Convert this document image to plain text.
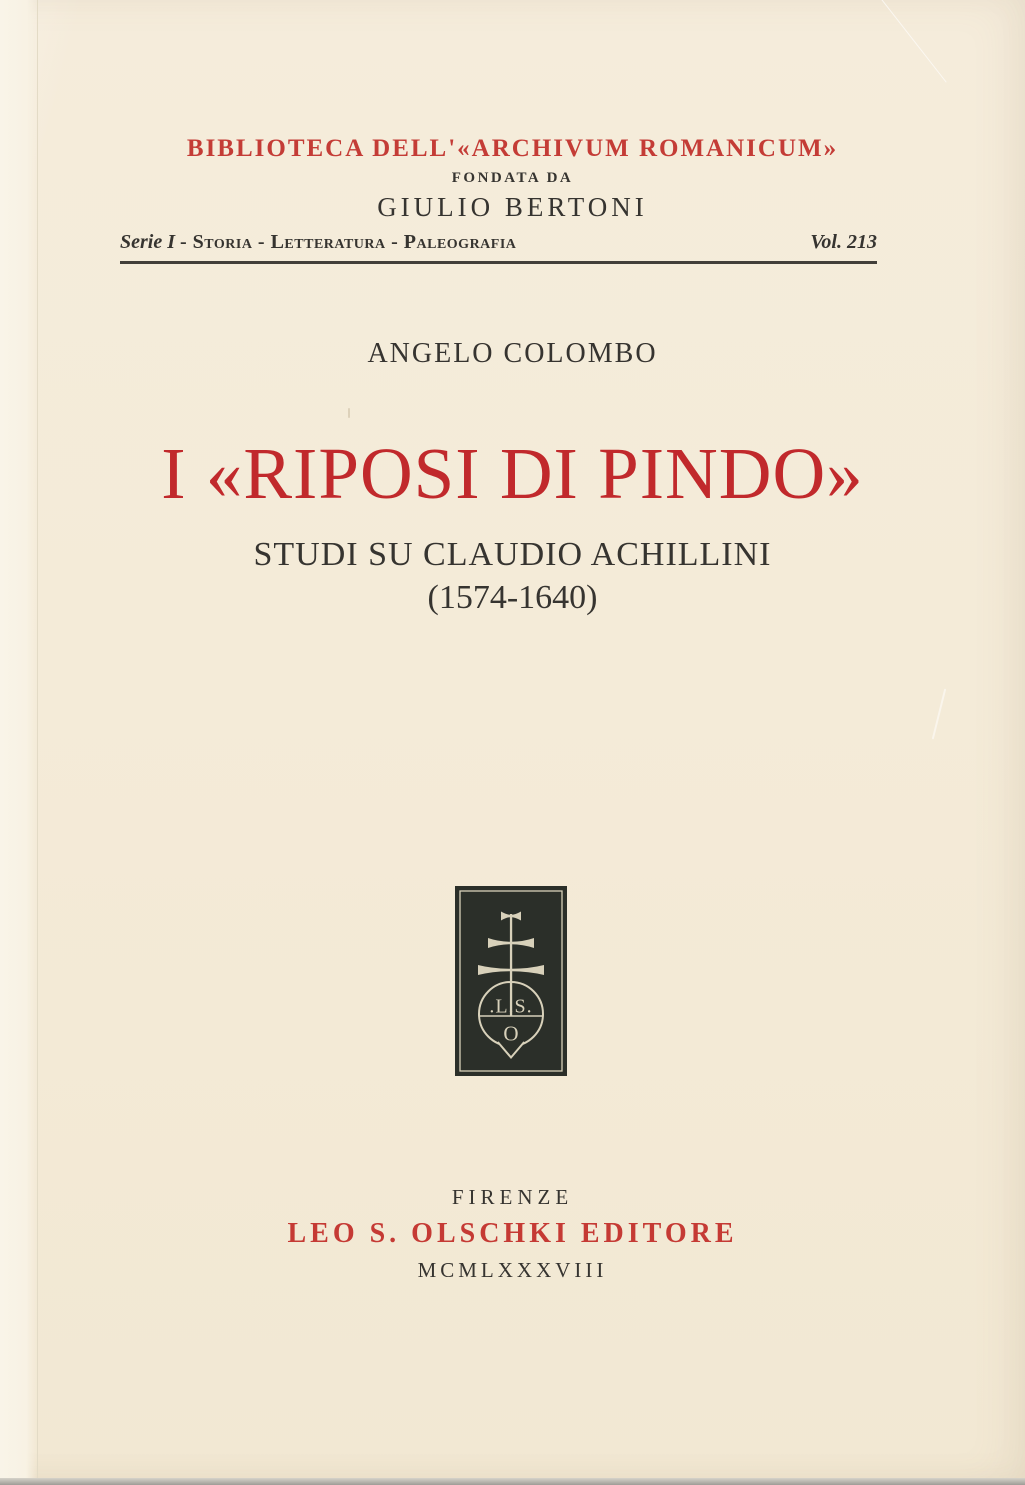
BIBLIOTECA DELL'«ARCHIVUM ROMANICUM»
FONDATA DA
GIULIO BERTONI
Serie I - Storia - Letteratura - Paleografia	Vol. 213
ANGELO COLOMBO
I «RIPOSI DI PINDO»
STUDI SU CLAUDIO ACHILLINI
(1574-1640)
.L.S.
O
FIRENZE
LEO S. OLSCHKI EDITORE
MCMLXXXVIII
